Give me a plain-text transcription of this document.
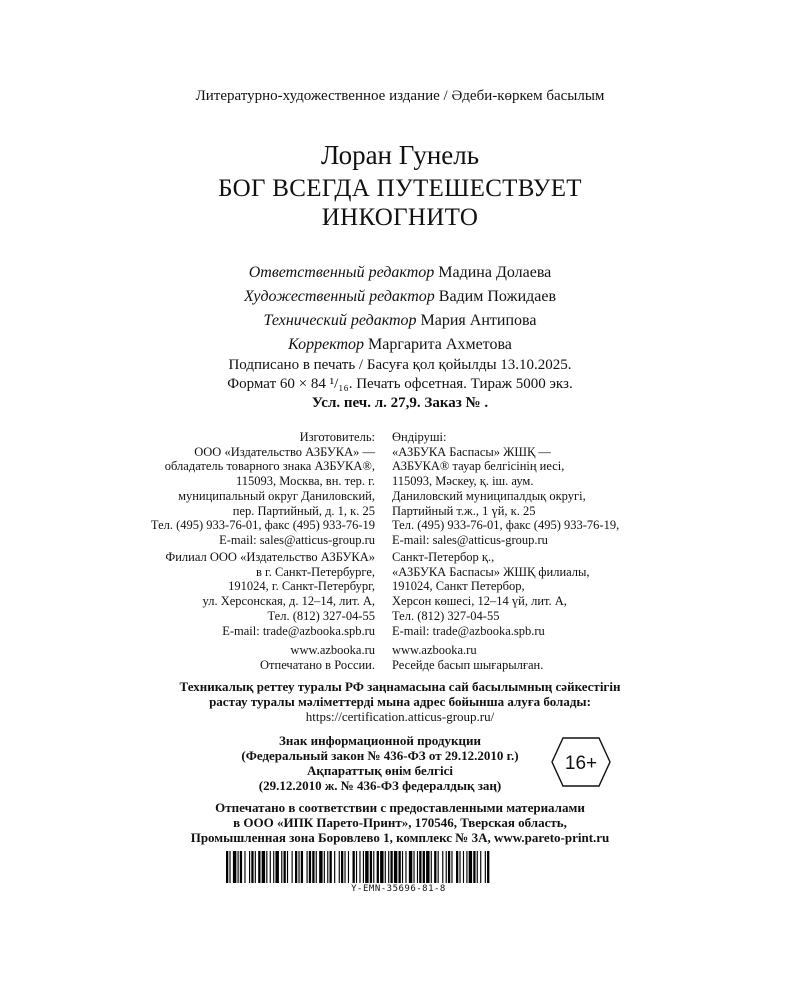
Литературно-художественное издание / Әдеби-көркем басылым
Лоран Гунель
БОГ ВСЕГДА ПУТЕШЕСТВУЕТ
ИНКОГНИТО
Ответственный редактор Мадина Долаева
Художественный редактор Вадим Пожидаев
Технический редактор Мария Антипова
Корректор Маргарита Ахметова
Подписано в печать / Басуға қол қойылды 13.10.2025.
Формат 60 × 84 ¹/₁₆. Печать офсетная. Тираж 5000 экз.
Усл. печ. л. 27,9. Заказ № .
Изготовитель:
ООО «Издательство АЗБУКА» —
обладатель товарного знака АЗБУКА®,
115093, Москва, вн. тер. г.
муниципальный округ Даниловский,
пер. Партийный, д. 1, к. 25
Тел. (495) 933-76-01, факс (495) 933-76-19
E-mail: sales@atticus-group.ru
Өндіруші:
«АЗБУКА Баспасы» ЖШҚ —
АЗБУКА® тауар белгісінің иесі,
115093, Мәскеу, қ. іш. аум.
Даниловский муниципалдық округі,
Партийный т.ж., 1 үй, к. 25
Тел. (495) 933-76-01, факс (495) 933-76-19,
E-mail: sales@atticus-group.ru
Филиал ООО «Издательство АЗБУКА»
в г. Санкт-Петербурге,
191024, г. Санкт-Петербург,
ул. Херсонская, д. 12–14, лит. А,
Тел. (812) 327-04-55
E-mail: trade@azbooka.spb.ru
Санкт-Петербор қ.,
«АЗБУКА Баспасы» ЖШҚ филиалы,
191024, Санкт Петербор,
Херсон көшесі, 12–14 үй, лит. А,
Тел. (812) 327-04-55
E-mail: trade@azbooka.spb.ru
www.azbooka.ru
Отпечатано в России.
www.azbooka.ru
Ресейде басып шығарылған.
Техникалық реттеу туралы РФ заңнамасына сай басылымның сәйкестігін
растау туралы мәліметтерді мына адрес бойынша алуға болады:
https://certification.atticus-group.ru/
Знак информационной продукции
(Федеральный закон № 436-ФЗ от 29.12.2010 г.)
Ақпараттық өнім белгісі
(29.12.2010 ж. № 436-ФЗ федералдық заң)
16+
Отпечатано в соответствии с предоставленными материалами
в ООО «ИПК Парето-Принт», 170546, Тверская область,
Промышленная зона Боровлево 1, комплекс № 3А, www.pareto-print.ru
Y-EMN-35696-81-8
